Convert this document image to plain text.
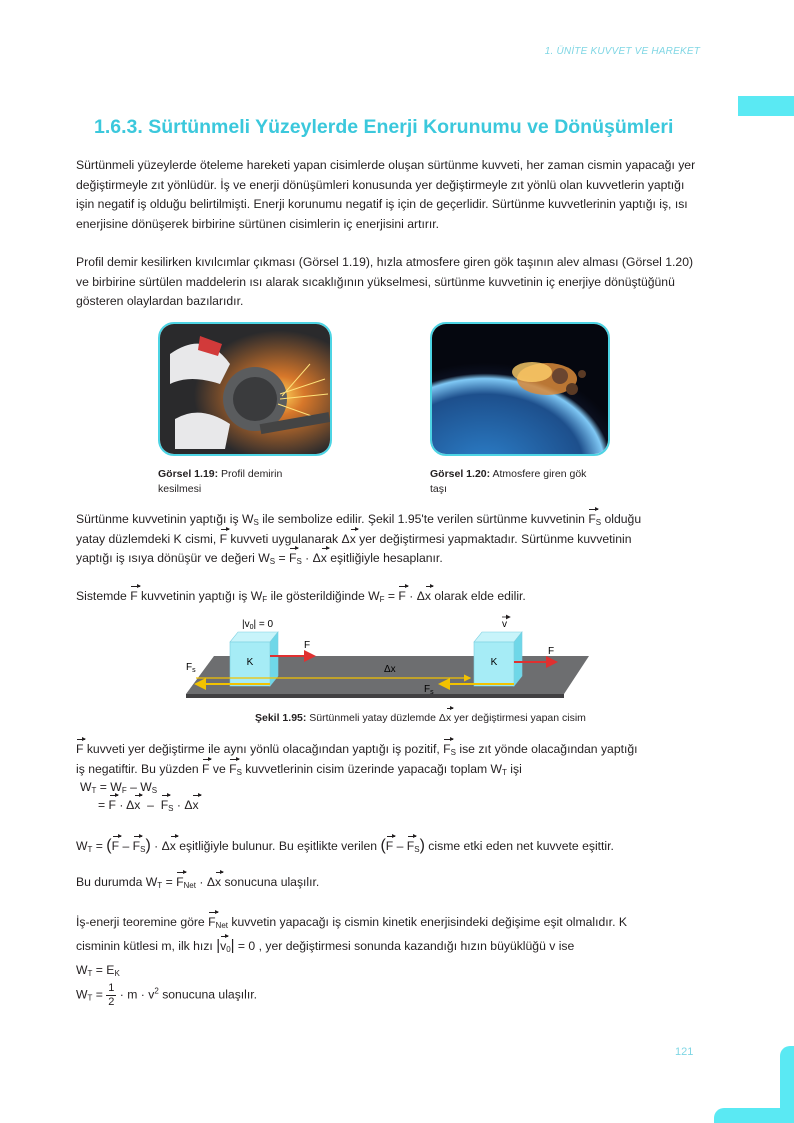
1. ÜNİTE KUVVET VE HAREKET
1.6.3. Sürtünmeli Yüzeylerde Enerji Korunumu ve Dönüşümleri

Sürtünmeli yüzeylerde öteleme hareketi yapan cisimlerde oluşan sürtünme kuvveti, her zaman cismin yapacağı yer değiştirmeyle zıt yönlüdür. İş ve enerji dönüşümleri konusunda yer değiştirmeyle zıt yönlü olan kuvvetlerin yaptığı işin negatif iş olduğu belirtilmişti. Enerji korunumu negatif iş için de geçerlidir. Sürtünme kuvvetlerinin yaptığı iş, ısı enerjisine dönüşerek birbirine sürtünen cisimlerin iç enerjisini artırır.

Profil demir kesilirken kıvılcımlar çıkması (Görsel 1.19), hızla atmosfere giren gök taşının alev alması (Görsel 1.20) ve birbirine sürtülen maddelerin ısı alarak sıcaklığının yükselmesi, sürtünme kuvvetinin iç enerjiye dönüştüğünü gösteren olaylardan bazılarıdır.

Görsel 1.19: Profil demirin kesilmesi
Görsel 1.20: Atmosfere giren gök taşı
Sürtünme kuvvetinin yaptığı iş $W_S$ ile sembolize edilir. Şekil 1.95'te verilen sürtünme kuvvetinin $F_S$ olduğu
yatay düzlemdeki K cismi, F kuvveti uygulanarak Δx yer değiştirmesi yapmaktadır. Sürtünme kuvvetinin
yaptığı iş ısıya dönüşür ve değeri $W_S = F_S \cdot \Delta x$ eşitliğiyle hesaplanır.
Sistemde F kuvvetinin yaptığı iş $W_F$ ile gösterildiğinde $W_F = F \cdot \Delta x$ olarak elde edilir.
K	K
$|v_0| = 0$	v
F
F
$F_s$
$F_s$
Δx
Şekil 1.95: Sürtünmeli yatay düzlemde Δx yer değiştirmesi yapan cisim
F kuvveti yer değiştirme ile aynı yönlü olacağından yaptığı iş pozitif, $F_S$ ise zıt yönde olacağından yaptığı
iş negatiftir. Bu yüzden F ve $F_S$ kuvvetlerinin cisim üzerinde yapacağı toplam $W_T$ işi
$W_T = W_F - W_S$
= $F \cdot \Delta x - F_S \cdot \Delta x$
$W_T = (F - F_S) \cdot \Delta x$ eşitliğiyle bulunur. Bu eşitlikte verilen $(F - F_S)$ cisme etki eden net kuvvete eşittir.
Bu durumda $W_T = F_{Net} \cdot \Delta x$ sonucuna ulaşılır.
İş-enerji teoremine göre $F_{Net}$ kuvvetin yapacağı iş cismin kinetik enerjisindeki değişime eşit olmalıdır. K
cisminin kütlesi m, ilk hızı $|v_0| = 0$ , yer değiştirmesi sonunda kazandığı hızın büyüklüğü v ise
$W_T = E_K$
$W_T = \frac{1}{2} \cdot m \cdot v^2$ sonucuna ulaşılır.
121
